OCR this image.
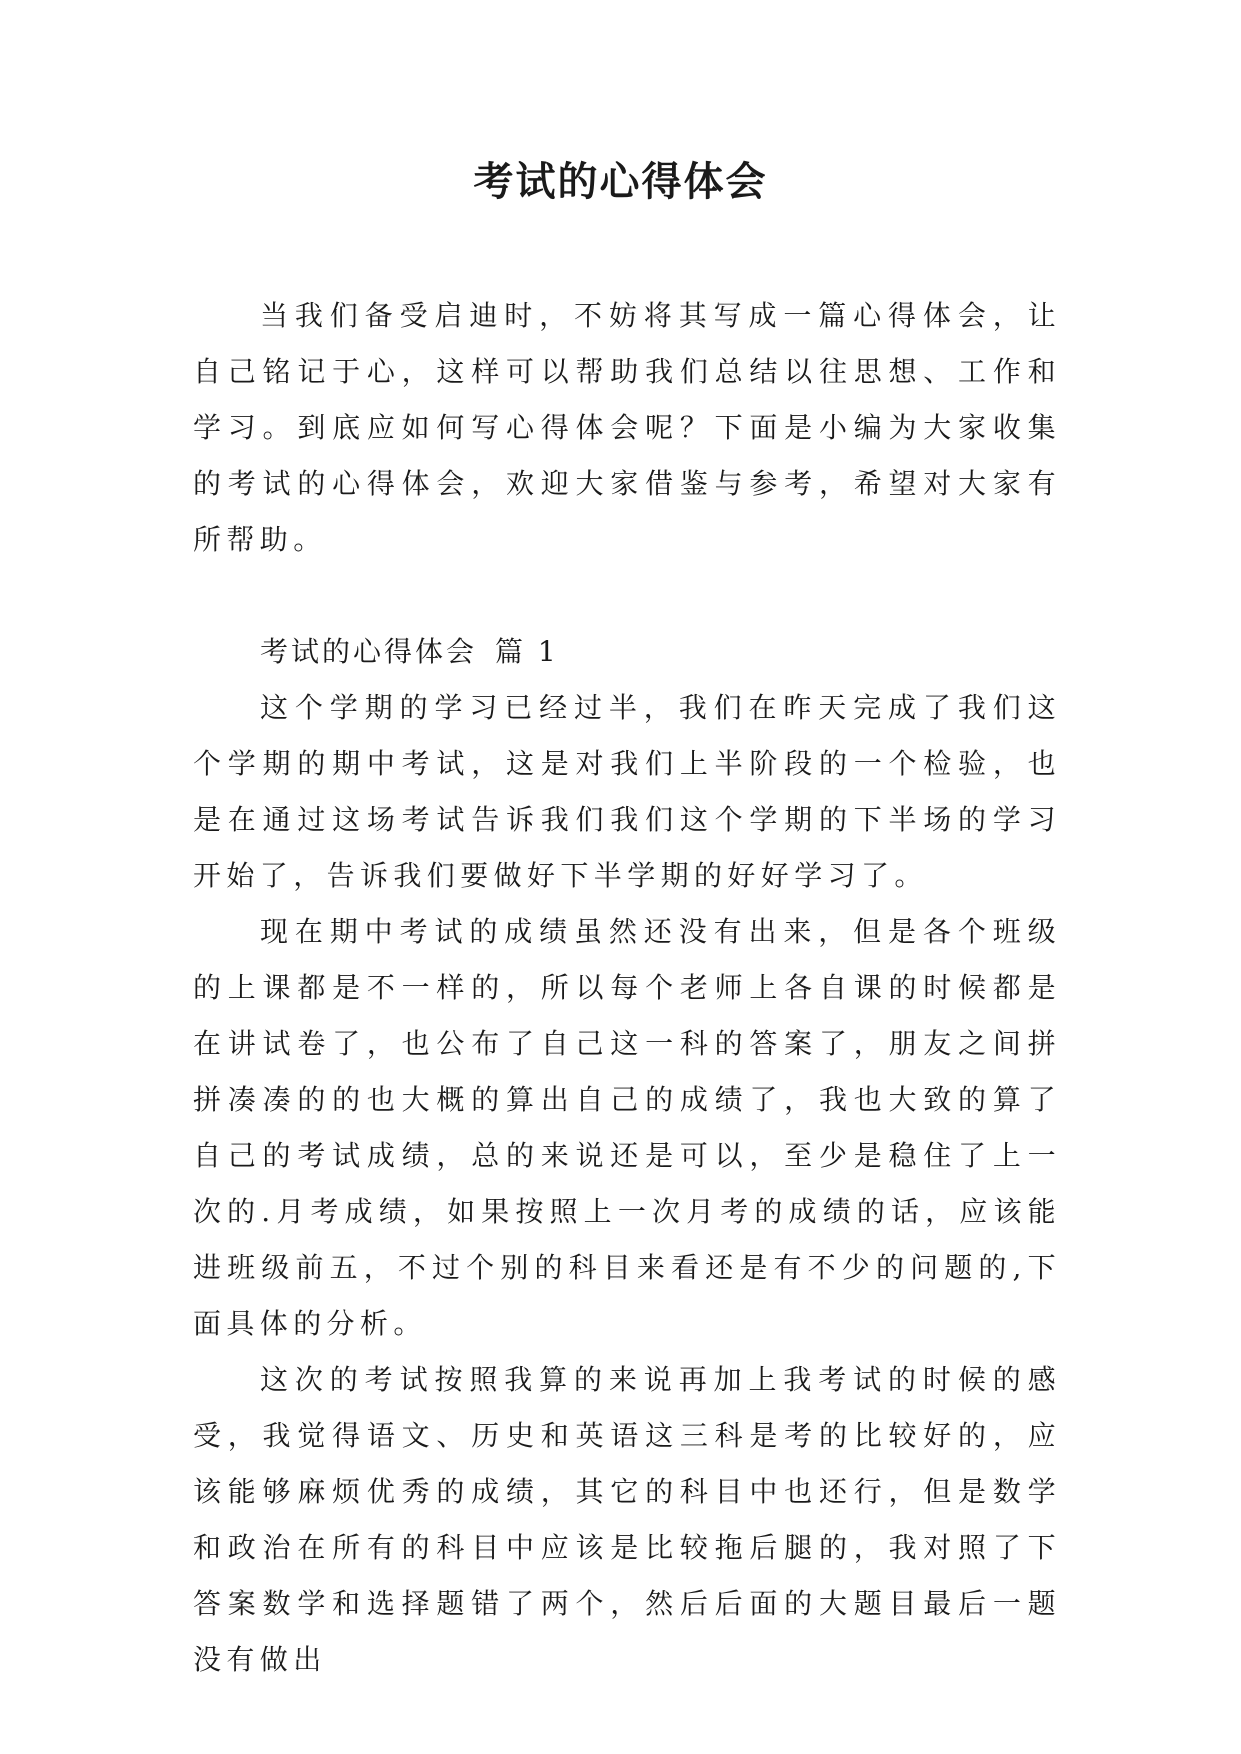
考试的心得体会

当我们备受启迪时，不妨将其写成一篇心得体会，让自己铭记于心，这样可以帮助我们总结以往思想、工作和学习。到底应如何写心得体会呢？下面是小编为大家收集的考试的心得体会，欢迎大家借鉴与参考，希望对大家有所帮助。

考试的心得体会 篇 1

这个学期的学习已经过半，我们在昨天完成了我们这个学期的期中考试，这是对我们上半阶段的一个检验，也是在通过这场考试告诉我们我们这个学期的下半场的学习开始了，告诉我们要做好下半学期的好好学习了。

现在期中考试的成绩虽然还没有出来，但是各个班级的上课都是不一样的，所以每个老师上各自课的时候都是在讲试卷了，也公布了自己这一科的答案了，朋友之间拼拼凑凑的的也大概的算出自己的成绩了，我也大致的算了自己的考试成绩，总的来说还是可以，至少是稳住了上一次的.月考成绩，如果按照上一次月考的成绩的话，应该能进班级前五，不过个别的科目来看还是有不少的问题的,下面具体的分析。

这次的考试按照我算的来说再加上我考试的时候的感受，我觉得语文、历史和英语这三科是考的比较好的，应该能够麻烦优秀的成绩，其它的科目中也还行，但是数学和政治在所有的科目中应该是比较拖后腿的，我对照了下答案数学和选择题错了两个，然后后面的大题目最后一题没有做出
